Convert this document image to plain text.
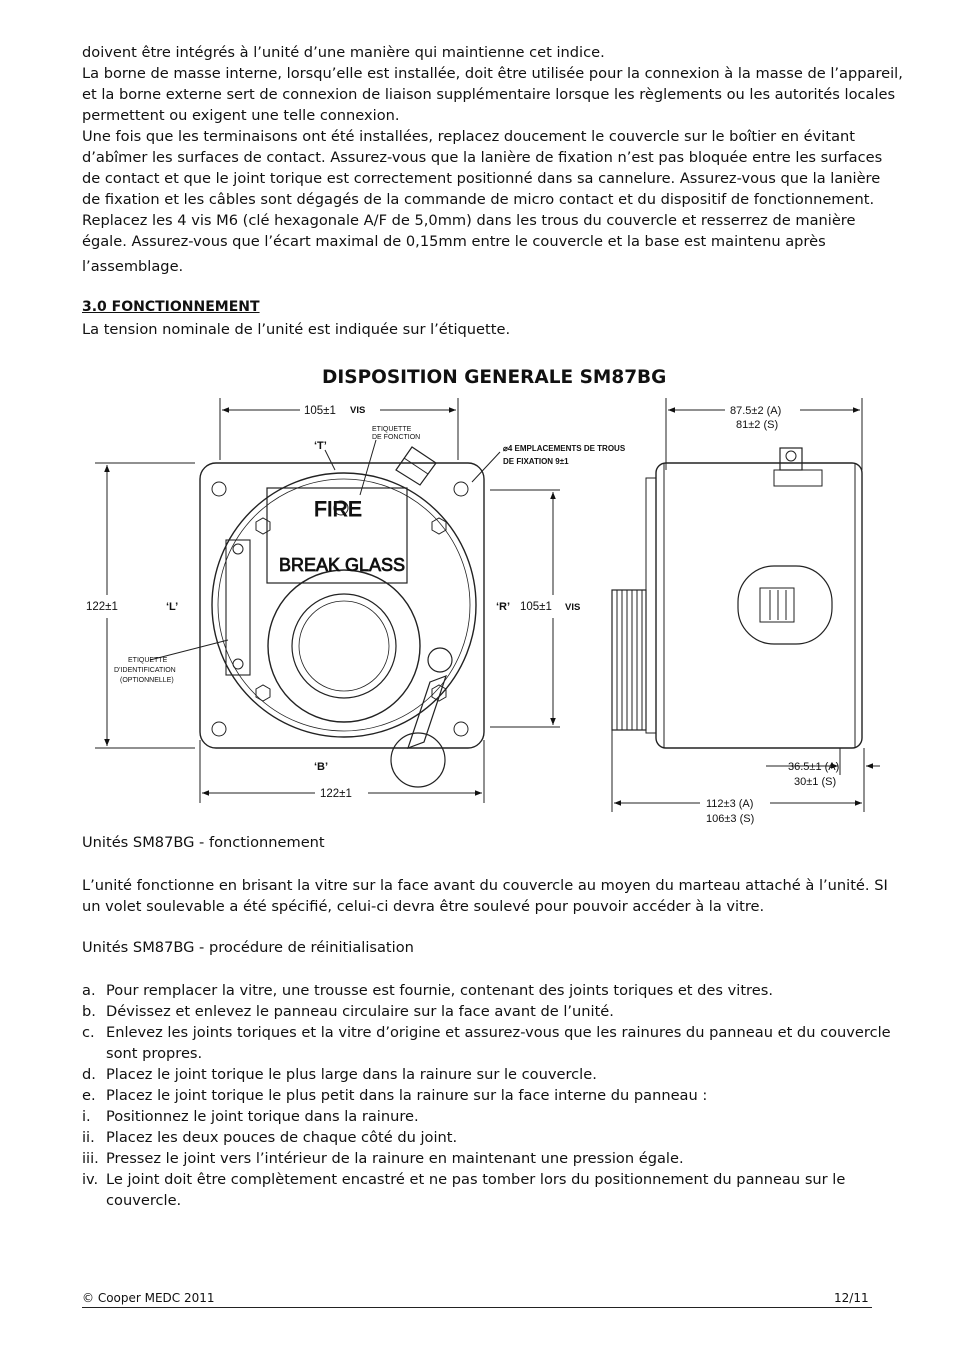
doivent être intégrés à l’unité d’une manière qui maintienne cet indice.
La borne de masse interne, lorsqu’elle est installée, doit être utilisée pour la connexion à la masse de l’appareil,
et la borne externe sert de connexion de liaison supplémentaire lorsque les règlements ou les autorités locales
permettent ou exigent une telle connexion.
Une fois que les terminaisons ont été installées, replacez doucement le couvercle sur le boîtier en évitant
d’abîmer les surfaces de contact. Assurez-vous que la lanière de fixation n’est pas bloquée entre les surfaces
de contact et que le joint torique est correctement positionné dans sa cannelure. Assurez-vous que la lanière
de fixation et les câbles sont dégagés de la commande de micro contact et du dispositif de fonctionnement.
Replacez les 4 vis M6 (clé hexagonale A/F de 5,0mm) dans les trous du couvercle et resserrez de manière
égale. Assurez-vous que l’écart maximal de 0,15mm entre le couvercle et la base est maintenu après
l’assemblage.
3.0 FONCTIONNEMENT
La tension nominale de l’unité est indiquée sur l’étiquette.
DISPOSITION GENERALE SM87BG
105±1 VIS
ETIQUETTE
DE FONCTION
‘T’	⌀4 EMPLACEMENTS DE TROUS
DE FIXATION 9±1
FIRE
BREAK GLASS
122±1	‘L’	‘R’ 105±1 VIS
ETIQUETTE
D’IDENTIFICATION
(OPTIONNELLE)
‘B’
122±1
87.5±2 (A)
81±2 (S)
36.5±1 (A)
30±1 (S)
112±3 (A)
106±3 (S)
Unités SM87BG - fonctionnement
L’unité fonctionne en brisant la vitre sur la face avant du couvercle au moyen du marteau attaché à l’unité. SI
un volet soulevable a été spécifié, celui-ci devra être soulevé pour pouvoir accéder à la vitre.
Unités SM87BG - procédure de réinitialisation
a. Pour remplacer la vitre, une trousse est fournie, contenant des joints toriques et des vitres.
b. Dévissez et enlevez le panneau circulaire sur la face avant de l’unité.
c. Enlevez les joints toriques et la vitre d’origine et assurez-vous que les rainures du panneau et du couvercle
sont propres.
d. Placez le joint torique le plus large dans la rainure sur le couvercle.
e. Placez le joint torique le plus petit dans la rainure sur la face interne du panneau :
i.	Positionnez le joint torique dans la rainure.
ii. Placez les deux pouces de chaque côté du joint.
iii. Pressez le joint vers l’intérieur de la rainure en maintenant une pression égale.
iv. Le joint doit être complètement encastré et ne pas tomber lors du positionnement du panneau sur le
couvercle.
© Cooper MEDC 2011	12/11
